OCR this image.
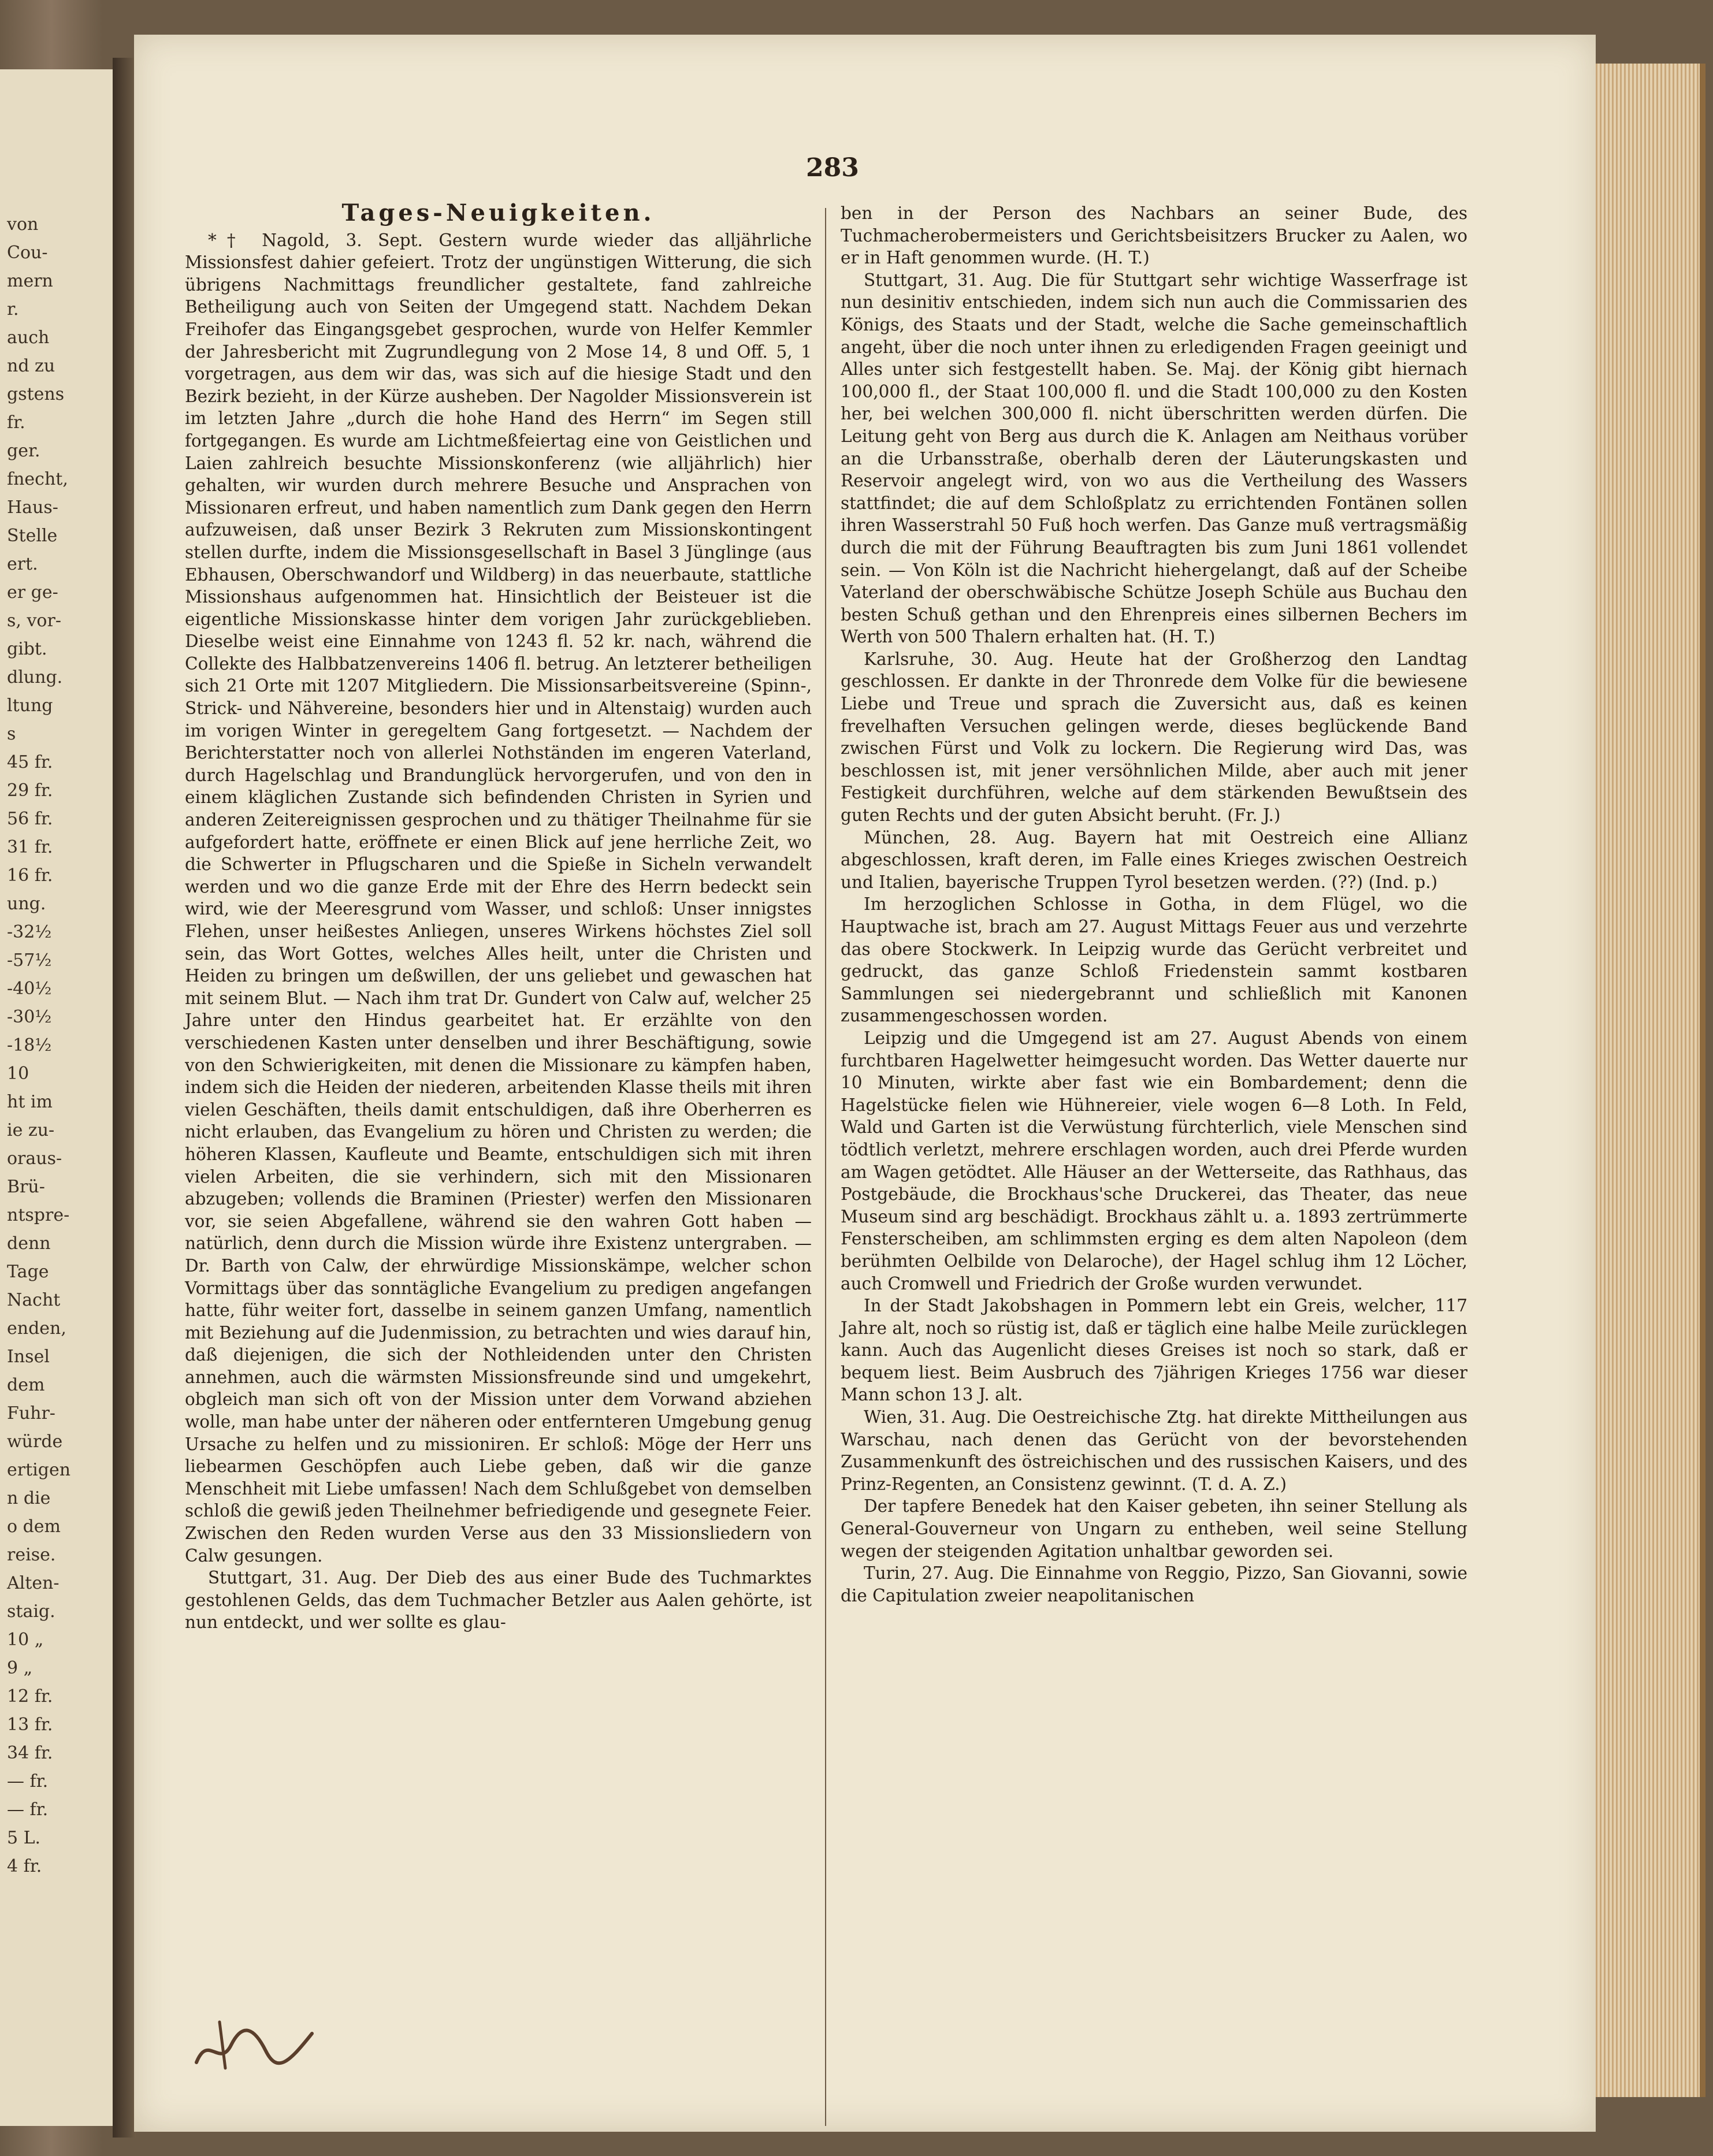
von
Cou-
mern
r.
auch
nd zu
gstens
fr.
ger.
fnecht,
Haus-
Stelle
ert.
er ge-
s, vor-
gibt.
dlung.
ltung
s
45 fr.
29 fr.
56 fr.
31 fr.
16 fr.
ung.
-32½
-57½
-40½
-30½
-18½
10
ht im
ie zu-
oraus-
Brü-
ntspre-
denn
Tage
Nacht
enden,
Insel
dem
Fuhr-
würde
ertigen
n die
o dem
reise.
Alten-
staig.
10 „
9 „
12 fr.
13 fr.
34 fr.
— fr.
— fr.
5 L.
4 fr.
283
Tages-Neuigkeiten.

*† Nagold, 3. Sept. Gestern wurde wieder das alljährliche Missionsfest dahier gefeiert. Trotz der ungünstigen Witterung, die sich übrigens Nachmittags freundlicher gestaltete, fand zahlreiche Betheiligung auch von Seiten der Umgegend statt. Nachdem Dekan Freihofer das Eingangsgebet gesprochen, wurde von Helfer Kemmler der Jahresbericht mit Zugrundlegung von 2 Mose 14, 8 und Off. 5, 1 vorgetragen, aus dem wir das, was sich auf die hiesige Stadt und den Bezirk bezieht, in der Kürze ausheben. Der Nagolder Missionsverein ist im letzten Jahre „durch die hohe Hand des Herrn“ im Segen still fortgegangen. Es wurde am Lichtmeßfeiertag eine von Geistlichen und Laien zahlreich besuchte Missionskonferenz (wie alljährlich) hier gehalten, wir wurden durch mehrere Besuche und Ansprachen von Missionaren erfreut, und haben namentlich zum Dank gegen den Herrn aufzuweisen, daß unser Bezirk 3 Rekruten zum Missionskontingent stellen durfte, indem die Missionsgesellschaft in Basel 3 Jünglinge (aus Ebhausen, Oberschwandorf und Wildberg) in das neuerbaute, stattliche Missionshaus aufgenommen hat. Hinsichtlich der Beisteuer ist die eigentliche Missionskasse hinter dem vorigen Jahr zurückgeblieben. Dieselbe weist eine Einnahme von 1243 fl. 52 kr. nach, während die Collekte des Halbbatzenvereins 1406 fl. betrug. An letzterer betheiligen sich 21 Orte mit 1207 Mitgliedern. Die Missionsarbeitsvereine (Spinn-, Strick- und Nähvereine, besonders hier und in Altenstaig) wurden auch im vorigen Winter in geregeltem Gang fortgesetzt. — Nachdem der Berichterstatter noch von allerlei Nothständen im engeren Vaterland, durch Hagelschlag und Brandunglück hervorgerufen, und von den in einem kläglichen Zustande sich befindenden Christen in Syrien und anderen Zeitereignissen gesprochen und zu thätiger Theilnahme für sie aufgefordert hatte, eröffnete er einen Blick auf jene herrliche Zeit, wo die Schwerter in Pflugscharen und die Spieße in Sicheln verwandelt werden und wo die ganze Erde mit der Ehre des Herrn bedeckt sein wird, wie der Meeresgrund vom Wasser, und schloß: Unser innigstes Flehen, unser heißestes Anliegen, unseres Wirkens höchstes Ziel soll sein, das Wort Gottes, welches Alles heilt, unter die Christen und Heiden zu bringen um deßwillen, der uns geliebet und gewaschen hat mit seinem Blut. — Nach ihm trat Dr. Gundert von Calw auf, welcher 25 Jahre unter den Hindus gearbeitet hat. Er erzählte von den verschiedenen Kasten unter denselben und ihrer Beschäftigung, sowie von den Schwierigkeiten, mit denen die Missionare zu kämpfen haben, indem sich die Heiden der niederen, arbeitenden Klasse theils mit ihren vielen Geschäften, theils damit entschuldigen, daß ihre Oberherren es nicht erlauben, das Evangelium zu hören und Christen zu werden; die höheren Klassen, Kaufleute und Beamte, entschuldigen sich mit ihren vielen Arbeiten, die sie verhindern, sich mit den Missionaren abzugeben; vollends die Braminen (Priester) werfen den Missionaren vor, sie seien Abgefallene, während sie den wahren Gott haben — natürlich, denn durch die Mission würde ihre Existenz untergraben. — Dr. Barth von Calw, der ehrwürdige Missionskämpe, welcher schon Vormittags über das sonntägliche Evangelium zu predigen angefangen hatte, führ weiter fort, dasselbe in seinem ganzen Umfang, namentlich mit Beziehung auf die Judenmission, zu betrachten und wies darauf hin, daß diejenigen, die sich der Nothleidenden unter den Christen annehmen, auch die wärmsten Missionsfreunde sind und umgekehrt, obgleich man sich oft von der Mission unter dem Vorwand abziehen wolle, man habe unter der näheren oder entfernteren Umgebung genug Ursache zu helfen und zu missioniren. Er schloß: Möge der Herr uns liebearmen Geschöpfen auch Liebe geben, daß wir die ganze Menschheit mit Liebe umfassen! Nach dem Schlußgebet von demselben schloß die gewiß jeden Theilnehmer befriedigende und gesegnete Feier. Zwischen den Reden wurden Verse aus den 33 Missionsliedern von Calw gesungen.

Stuttgart, 31. Aug. Der Dieb des aus einer Bude des Tuchmarktes gestohlenen Gelds, das dem Tuchmacher Betzler aus Aalen gehörte, ist nun entdeckt, und wer sollte es glau-

ben in der Person des Nachbars an seiner Bude, des Tuchmacherobermeisters und Gerichtsbeisitzers Brucker zu Aalen, wo er in Haft genommen wurde. (H. T.)

Stuttgart, 31. Aug. Die für Stuttgart sehr wichtige Wasserfrage ist nun desinitiv entschieden, indem sich nun auch die Commissarien des Königs, des Staats und der Stadt, welche die Sache gemeinschaftlich angeht, über die noch unter ihnen zu erledigenden Fragen geeinigt und Alles unter sich festgestellt haben. Se. Maj. der König gibt hiernach 100,000 fl., der Staat 100,000 fl. und die Stadt 100,000 zu den Kosten her, bei welchen 300,000 fl. nicht überschritten werden dürfen. Die Leitung geht von Berg aus durch die K. Anlagen am Neithaus vorüber an die Urbansstraße, oberhalb deren der Läuterungskasten und Reservoir angelegt wird, von wo aus die Vertheilung des Wassers stattfindet; die auf dem Schloßplatz zu errichtenden Fontänen sollen ihren Wasserstrahl 50 Fuß hoch werfen. Das Ganze muß vertragsmäßig durch die mit der Führung Beauftragten bis zum Juni 1861 vollendet sein. — Von Köln ist die Nachricht hiehergelangt, daß auf der Scheibe Vaterland der oberschwäbische Schütze Joseph Schüle aus Buchau den besten Schuß gethan und den Ehrenpreis eines silbernen Bechers im Werth von 500 Thalern erhalten hat. (H. T.)

Karlsruhe, 30. Aug. Heute hat der Großherzog den Landtag geschlossen. Er dankte in der Thronrede dem Volke für die bewiesene Liebe und Treue und sprach die Zuversicht aus, daß es keinen frevelhaften Versuchen gelingen werde, dieses beglückende Band zwischen Fürst und Volk zu lockern. Die Regierung wird Das, was beschlossen ist, mit jener versöhnlichen Milde, aber auch mit jener Festigkeit durchführen, welche auf dem stärkenden Bewußtsein des guten Rechts und der guten Absicht beruht. (Fr. J.)

München, 28. Aug. Bayern hat mit Oestreich eine Allianz abgeschlossen, kraft deren, im Falle eines Krieges zwischen Oestreich und Italien, bayerische Truppen Tyrol besetzen werden. (??) (Ind. p.)

Im herzoglichen Schlosse in Gotha, in dem Flügel, wo die Hauptwache ist, brach am 27. August Mittags Feuer aus und verzehrte das obere Stockwerk. In Leipzig wurde das Gerücht verbreitet und gedruckt, das ganze Schloß Friedenstein sammt kostbaren Sammlungen sei niedergebrannt und schließlich mit Kanonen zusammengeschossen worden.

Leipzig und die Umgegend ist am 27. August Abends von einem furchtbaren Hagelwetter heimgesucht worden. Das Wetter dauerte nur 10 Minuten, wirkte aber fast wie ein Bombardement; denn die Hagelstücke fielen wie Hühnereier, viele wogen 6—8 Loth. In Feld, Wald und Garten ist die Verwüstung fürchterlich, viele Menschen sind tödtlich verletzt, mehrere erschlagen worden, auch drei Pferde wurden am Wagen getödtet. Alle Häuser an der Wetterseite, das Rathhaus, das Postgebäude, die Brockhaus'sche Druckerei, das Theater, das neue Museum sind arg beschädigt. Brockhaus zählt u. a. 1893 zertrümmerte Fensterscheiben, am schlimmsten erging es dem alten Napoleon (dem berühmten Oelbilde von Delaroche), der Hagel schlug ihm 12 Löcher, auch Cromwell und Friedrich der Große wurden verwundet.

In der Stadt Jakobshagen in Pommern lebt ein Greis, welcher, 117 Jahre alt, noch so rüstig ist, daß er täglich eine halbe Meile zurücklegen kann. Auch das Augenlicht dieses Greises ist noch so stark, daß er bequem liest. Beim Ausbruch des 7jährigen Krieges 1756 war dieser Mann schon 13 J. alt.

Wien, 31. Aug. Die Oestreichische Ztg. hat direkte Mittheilungen aus Warschau, nach denen das Gerücht von der bevorstehenden Zusammenkunft des östreichischen und des russischen Kaisers, und des Prinz-Regenten, an Consistenz gewinnt. (T. d. A. Z.)

Der tapfere Benedek hat den Kaiser gebeten, ihn seiner Stellung als General-Gouverneur von Ungarn zu entheben, weil seine Stellung wegen der steigenden Agitation unhaltbar geworden sei.

Turin, 27. Aug. Die Einnahme von Reggio, Pizzo, San Giovanni, sowie die Capitulation zweier neapolitanischen
